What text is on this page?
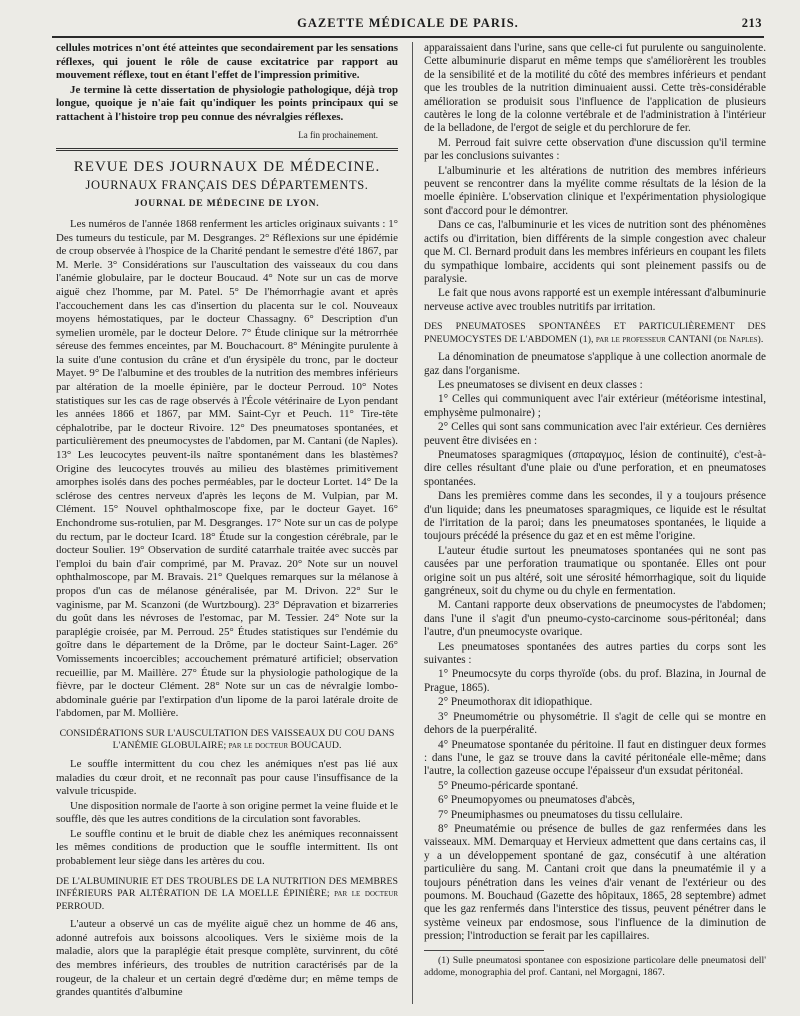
GAZETTE MÉDICALE DE PARIS.	213

cellules motrices n'ont été atteintes que secondairement par les sensations réflexes, qui jouent le rôle de cause excitatrice par rapport au mouvement réflexe, tout en étant l'effet de l'impression primitive.

Je termine là cette dissertation de physiologie pathologique, déjà trop longue, quoique je n'aie fait qu'indiquer les points principaux qui se rattachent à l'histoire trop peu connue des névralgies réflexes.

La fin prochainement.

REVUE DES JOURNAUX DE MÉDECINE.

JOURNAUX FRANÇAIS DES DÉPARTEMENTS.

JOURNAL DE MÉDECINE DE LYON.

Les numéros de l'année 1868 renferment les articles originaux suivants : 1° Des tumeurs du testicule, par M. Desgranges. 2° Réflexions sur une épidémie de croup observée à l'hospice de la Charité pendant le semestre d'été 1867, par M. Merle. 3° Considérations sur l'auscultation des vaisseaux du cou dans l'anémie globulaire, par le docteur Boucaud. 4° Note sur un cas de morve aiguë chez l'homme, par M. Patel. 5° De l'hémorrhagie avant et après l'accouchement dans les cas d'insertion du placenta sur le col. Nouveaux moyens hémostatiques, par le docteur Chassagny. 6° Description d'un symelien uromèle, par le docteur Delore. 7° Étude clinique sur la métrorrhée séreuse des femmes enceintes, par M. Bouchacourt. 8° Méningite purulente à la suite d'une contusion du crâne et d'un érysipèle du tronc, par le docteur Mayet. 9° De l'albumine et des troubles de la nutrition des membres inférieurs par altération de la moelle épinière, par le docteur Perroud. 10° Notes statistiques sur les cas de rage observés à l'École vétérinaire de Lyon pendant les années 1866 et 1867, par MM. Saint-Cyr et Peuch. 11° Tire-tête céphalotribe, par le docteur Rivoire. 12° Des pneumatoses spontanées, et particulièrement des pneumocystes de l'abdomen, par M. Cantani (de Naples). 13° Les leucocytes peuvent-ils naître spontanément dans les blastèmes? Origine des leucocytes trouvés au milieu des blastèmes primitivement amorphes isolés dans des poches perméables, par le docteur Lortet. 14° De la sclérose des centres nerveux d'après les leçons de M. Vulpian, par M. Clément. 15° Nouvel ophthalmoscope fixe, par le docteur Gayet. 16° Enchondrome sus-rotulien, par M. Desgranges. 17° Note sur un cas de polype du rectum, par le docteur Icard. 18° Étude sur la congestion cérébrale, par le docteur Soulier. 19° Observation de surdité catarrhale traitée avec succès par l'emploi du bain d'air comprimé, par M. Pravaz. 20° Note sur un nouvel ophthalmoscope, par M. Bravais. 21° Quelques remarques sur la mélanose à propos d'un cas de mélanose généralisée, par M. Drivon. 22° Sur le vaginisme, par M. Scanzoni (de Wurtzbourg). 23° Dépravation et bizarreries du goût dans les névroses de l'estomac, par M. Tessier. 24° Note sur la paraplégie croisée, par M. Perroud. 25° Études statistiques sur l'endémie du goître dans le département de la Drôme, par le docteur Saint-Lager. 26° Vomissements incoercibles; accouchement prématuré artificiel; observation recueillie, par M. Maillère. 27° Étude sur la physiologie pathologique de la fièvre, par le docteur Clément. 28° Note sur un cas de névralgie lombo-abdominale guérie par l'extirpation d'un lipome de la paroi latérale droite de l'abdomen, par M. Mollière.

CONSIDÉRATIONS SUR L'AUSCULTATION DES VAISSEAUX DU COU DANS L'ANÉMIE GLOBULAIRE; par le docteur BOUCAUD.

Le souffle intermittent du cou chez les anémiques n'est pas lié aux maladies du cœur droit, et ne reconnaît pas pour cause l'insuffisance de la valvule tricuspide.

Une disposition normale de l'aorte à son origine permet la veine fluide et le souffle, dès que les autres conditions de la circulation sont favorables.

Le souffle continu et le bruit de diable chez les anémiques reconnaissent les mêmes conditions de production que le souffle intermittent. Ils ont probablement leur siège dans les artères du cou.

DE L'ALBUMINURIE ET DES TROUBLES DE LA NUTRITION DES MEMBRES INFÉRIEURS PAR ALTÉRATION DE LA MOELLE ÉPINIÈRE; par le docteur PERROUD.

L'auteur a observé un cas de myélite aiguë chez un homme de 46 ans, adonné autrefois aux boissons alcooliques. Vers le sixième mois de la maladie, alors que la paraplégie était presque complète, survinrent, du côté des membres inférieurs, des troubles de nutrition caractérisés par de la rougeur, de la chaleur et un certain degré d'œdème dur; en même temps de grandes quantités d'albumine

apparaissaient dans l'urine, sans que celle-ci fut purulente ou sanguinolente. Cette albuminurie disparut en même temps que s'améliorèrent les troubles de la sensibilité et de la motilité du côté des membres inférieurs et pendant que les troubles de la nutrition diminuaient aussi. Cette très-considérable amélioration se produisit sous l'influence de l'application de plusieurs cautères le long de la colonne vertébrale et de l'administration à l'intérieur de la belladone, de l'ergot de seigle et du perchlorure de fer.

M. Perroud fait suivre cette observation d'une discussion qu'il termine par les conclusions suivantes :

L'albuminurie et les altérations de nutrition des membres inférieurs peuvent se rencontrer dans la myélite comme résultats de la lésion de la moelle épinière. L'observation clinique et l'expérimentation physiologique sont d'accord pour le démontrer.

Dans ce cas, l'albuminurie et les vices de nutrition sont des phénomènes actifs ou d'irritation, bien différents de la simple congestion avec chaleur que M. Cl. Bernard produit dans les membres inférieurs en coupant les filets du sympathique lombaire, accidents qui sont pleinement passifs ou de paralysie.

Le fait que nous avons rapporté est un exemple intéressant d'albuminurie nerveuse active avec troubles nutritifs par irritation.

DES PNEUMATOSES SPONTANÉES ET PARTICULIÈREMENT DES PNEUMOCYSTES DE L'ABDOMEN (1), par le professeur CANTANI (de Naples).

La dénomination de pneumatose s'applique à une collection anormale de gaz dans l'organisme.

Les pneumatoses se divisent en deux classes :

1° Celles qui communiquent avec l'air extérieur (météorisme intestinal, emphysème pulmonaire) ;

2° Celles qui sont sans communication avec l'air extérieur. Ces dernières peuvent être divisées en :

Pneumatoses sparagmiques (σπαραγμος, lésion de continuité), c'est-à-dire celles résultant d'une plaie ou d'une perforation, et en pneumatoses spontanées.

Dans les premières comme dans les secondes, il y a toujours présence d'un liquide; dans les pneumatoses sparagmiques, ce liquide est le résultat de l'irritation de la paroi; dans les pneumatoses spontanées, le liquide a toujours précédé la présence du gaz et en est même l'origine.

L'auteur étudie surtout les pneumatoses spontanées qui ne sont pas causées par une perforation traumatique ou spontanée. Elles ont pour origine soit un pus altéré, soit une sérosité hémorrhagique, soit du liquide gangréneux, soit du chyme ou du chyle en fermentation.

M. Cantani rapporte deux observations de pneumocystes de l'abdomen; dans l'une il s'agit d'un pneumo-cysto-carcinome sous-péritonéal; dans l'autre, d'un pneumocyste ovarique.

Les pneumatoses spontanées des autres parties du corps sont les suivantes :

1° Pneumocsyte du corps thyroïde (obs. du prof. Blazina, in Journal de Prague, 1865).

2° Pneumothorax dit idiopathique.

3° Pneumométrie ou physométrie. Il s'agit de celle qui se montre en dehors de la puerpéralité.

4° Pneumatose spontanée du péritoine. Il faut en distinguer deux formes : dans l'une, le gaz se trouve dans la cavité péritonéale elle-même; dans l'autre, la collection gazeuse occupe l'épaisseur d'un exsudat péritonéal.

5° Pneumo-péricarde spontané.

6° Pneumopyomes ou pneumatoses d'abcès,

7° Pneumiphasmes ou pneumatoses du tissu cellulaire.

8° Pneumatémie ou présence de bulles de gaz renfermées dans les vaisseaux. MM. Demarquay et Hervieux admettent que dans certains cas, il y a un développement spontané de gaz, consécutif à une altération particulière du sang. M. Cantani croit que dans la pneumatémie il y a toujours pénétration dans les veines d'air venant de l'extérieur ou des poumons. M. Bouchaud (Gazette des hôpitaux, 1865, 28 septembre) admet que les gaz renfermés dans l'interstice des tissus, peuvent pénétrer dans le système veineux par endosmose, sous l'influence de la diminution de pression; l'introduction se ferait par les capillaires.

(1) Sulle pneumatosi spontanee con esposizione particolare delle pneumatosi dell' addome, monographia del prof. Cantani, nel Morgagni, 1867.
